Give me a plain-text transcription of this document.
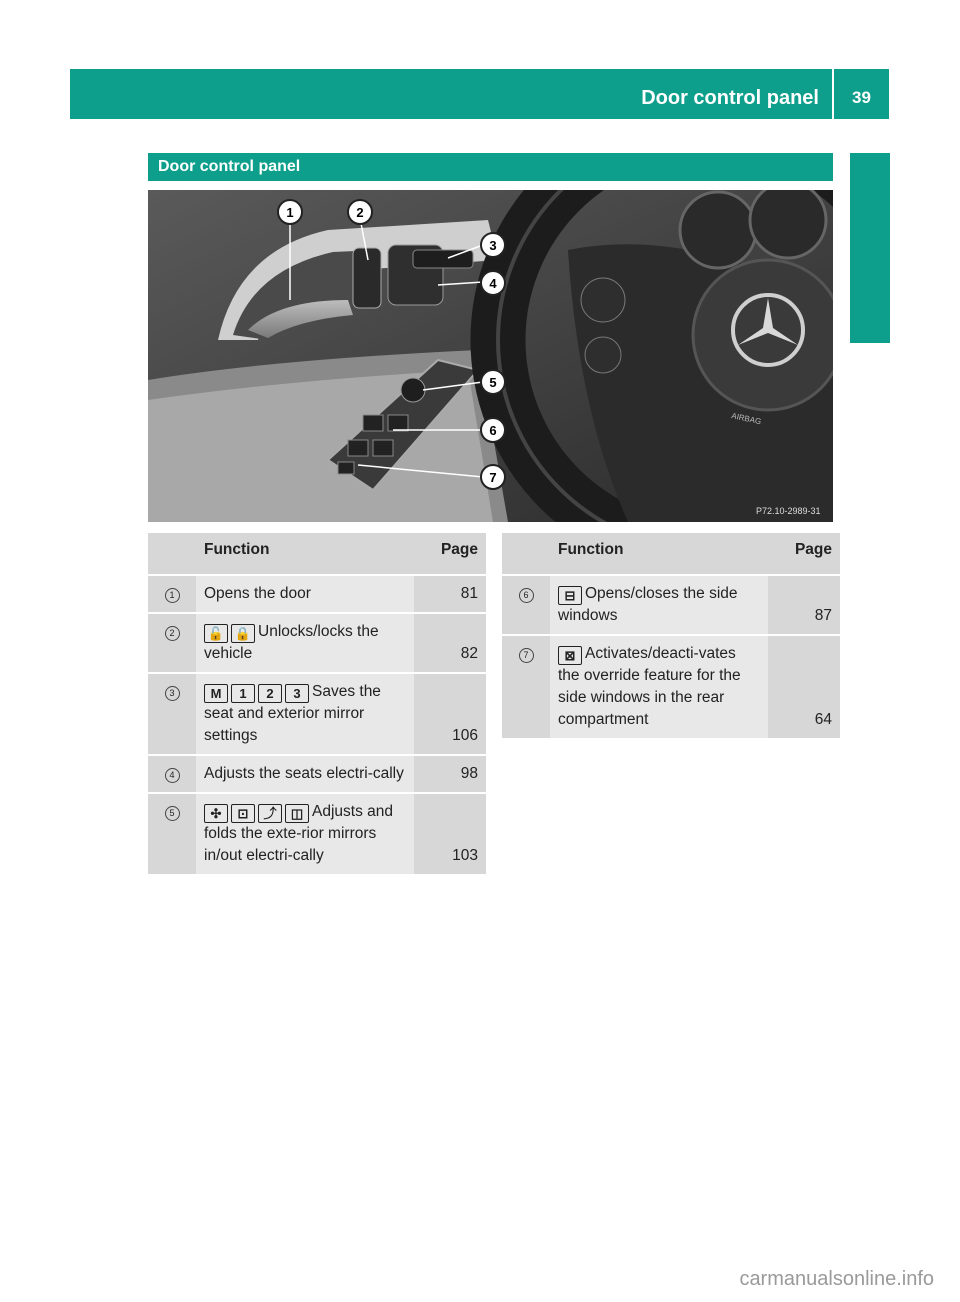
Door control panel	39
At a glance
Door control panel
1	2
3
4
5
6
7
AIRBAG
P72.10-2989-31
	Function	Page
1	Opens the door	81
2	🔓 🔒 Unlocks/locks the vehicle	82
3	M 1 2 3 Saves the seat and exterior mirror settings	106
4	Adjusts the seats electri-cally	98
5	✣ ⊡ ⤴ ◫ Adjusts and folds the exte-rior mirrors in/out electri-cally	103
	Function	Page
6	⊟ Opens/closes the side windows	87
7	⊠ Activates/deacti-vates the override feature for the side windows in the rear compartment	64
carmanualsonline.info
